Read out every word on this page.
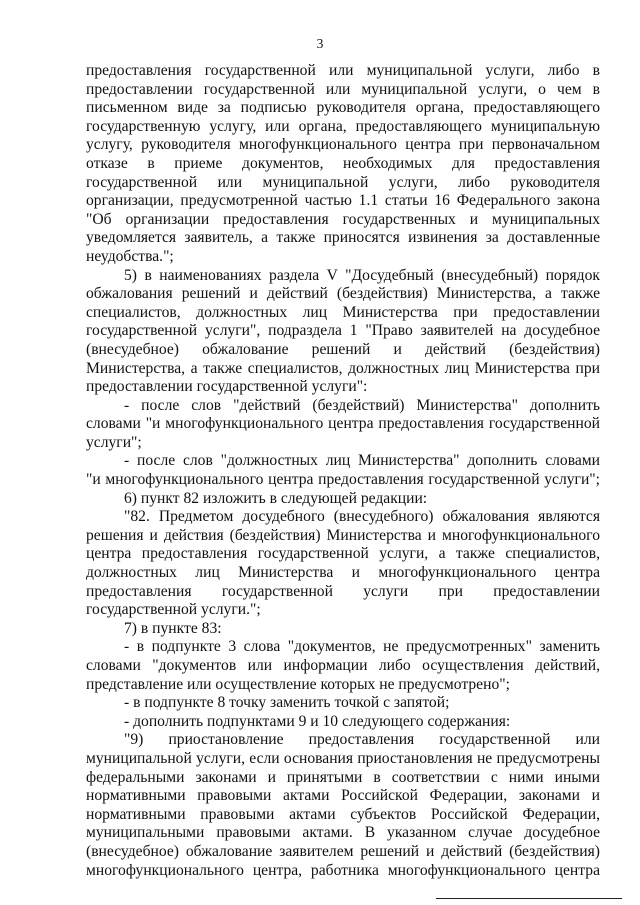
3
предоставления государственной или муниципальной услуги, либо в
предоставлении государственной или муниципальной услуги, о чем в
письменном виде за подписью руководителя органа, предоставляющего
государственную услугу, или органа, предоставляющего муниципальную
услугу, руководителя многофункционального центра при первоначальном
отказе в приеме документов, необходимых для предоставления
государственной или муниципальной услуги, либо руководителя
организации, предусмотренной частью 1.1 статьи 16 Федерального закона
"Об организации предоставления государственных и муниципальных
уведомляется заявитель, а также приносятся извинения за доставленные
неудобства.";
5) в наименованиях раздела V "Досудебный (внесудебный) порядок
обжалования решений и действий (бездействия) Министерства, а также
специалистов, должностных лиц Министерства при предоставлении
государственной услуги", подраздела 1 "Право заявителей на досудебное
(внесудебное) обжалование решений и действий (бездействия)
Министерства, а также специалистов, должностных лиц Министерства при
предоставлении государственной услуги":
- после слов "действий (бездействий) Министерства" дополнить
словами "и многофункционального центра предоставления государственной
услуги";
- после слов "должностных лиц Министерства" дополнить словами
"и многофункционального центра предоставления государственной услуги";
6) пункт 82 изложить в следующей редакции:
"82. Предметом досудебного (внесудебного) обжалования являются
решения и действия (бездействия) Министерства и многофункционального
центра предоставления государственной услуги, а также специалистов,
должностных лиц Министерства и многофункционального центра
предоставления государственной услуги при предоставлении
государственной услуги.";
7) в пункте 83:
- в подпункте 3 слова "документов, не предусмотренных" заменить
словами "документов или информации либо осуществления действий,
представление или осуществление которых не предусмотрено";
- в подпункте 8 точку заменить точкой с запятой;
- дополнить подпунктами 9 и 10 следующего содержания:
"9) приостановление предоставления государственной или
муниципальной услуги, если основания приостановления не предусмотрены
федеральными законами и принятыми в соответствии с ними иными
нормативными правовыми актами Российской Федерации, законами и
нормативными правовыми актами субъектов Российской Федерации,
муниципальными правовыми актами. В указанном случае досудебное
(внесудебное) обжалование заявителем решений и действий (бездействия)
многофункционального центра, работника многофункционального центра
